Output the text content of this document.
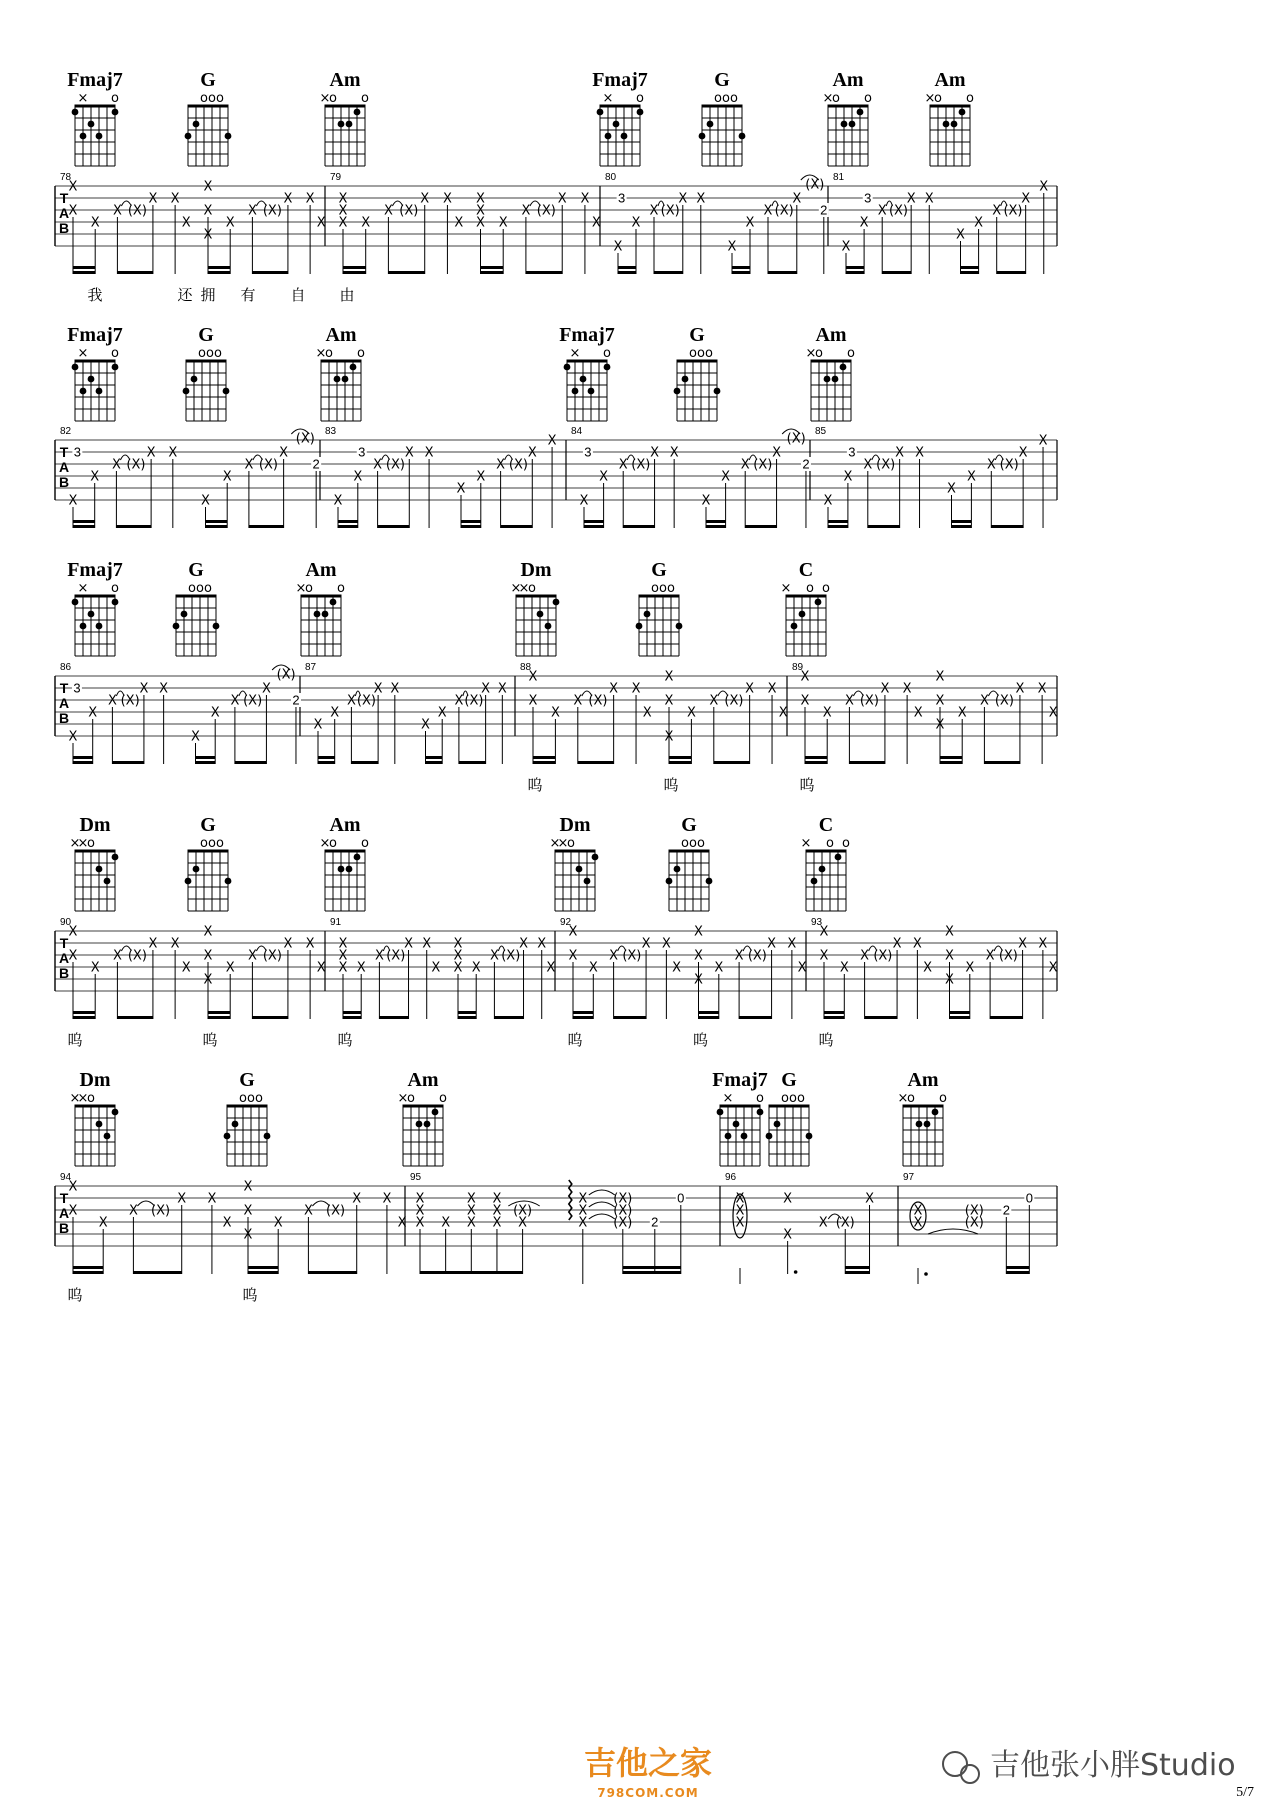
Fmaj7
× o
G
o o o
Am
×
o o
Fmaj7
× o
G
o o o
Am
×
o o
Am
×
o o
T
A
B
78
X
X
X
X (X)
X X
X
X
X
X
X
X (X)
X X
X
我	还 拥 有 自 由
79
X
X
X X
X (X)
X X
X
X
X
X X
X (X)
X X
X
80
X
X
X (X)
X X
3
X
X
X (X)
X
(X)
2
81
X
X
X (X)
X X
3
X
X
X (X)
X
X
Fmaj7
× o
G
o o o
Am
×
o o
Fmaj7
× o
G
o o o
Am
×
o o
T
A
B
82
X
X
X (X)
X X
3
X
X
X (X)
X
(X)
2
83
X
X
X (X)
X X
3
X
X
X (X)
X
X
84
X
X
X (X)
X X
3
X
X
X (X)
X
(X)
2
85
X
X
X (X)
X X
3
X
X
X (X)
X
X
Fmaj7
× o
G
o o o
Am
×
o o
Dm
×
×
o
G
o o o
C
× o o
T
A
B
86
X
X
X (X)
X X
3
X
X
X (X)
X
(X)
2
87
X
X
X (X)
X X
X
X
X (X)
X X
88
X
X
X
X (X)
X X
X
X
X
X
X
X (X)
X X
X
呜	呜
89
X
X
X
X (X)
X X
X
X
X
X
X
X (X)
X X
X
呜
Dm
×
×
o
G
o o o
Am
×
o o
Dm
×
×
o
G
o o o
C
× o o
T
A
B
90
X
X
X
X (X)
X X
X
X
X
X
X
X (X)
X X
X
呜	呜
91
X
X
X X
X (X)
X X
X
X
X
X X
X (X)
X X
X
呜
92
X
X
X
X (X)
X X
X
X
X
X
X
X (X)
X X
X
呜	呜
93
X
X
X
X (X)
X X
X
X
X
X
X
X (X)
X X
X
呜
Dm
×
×
o
G
o o o
Am
×
o o
Fmaj7
× o
G
o o o
Am
×
o o
T
A
B
94
X
X
X
X (X)
X X
X
X
X
X
X
X (X)
X X
X
呜	呜
95
X
X
X X
X
X
X
X
X
X X
(X)
X
X
X
(X)
(X)
(X) 2
0
96
X
X
X
X
X
X (X)
X
97
X
X
(X)
(X)
2
0
吉他之家
798COM.COM
吉他张小胖Studio
5/7
